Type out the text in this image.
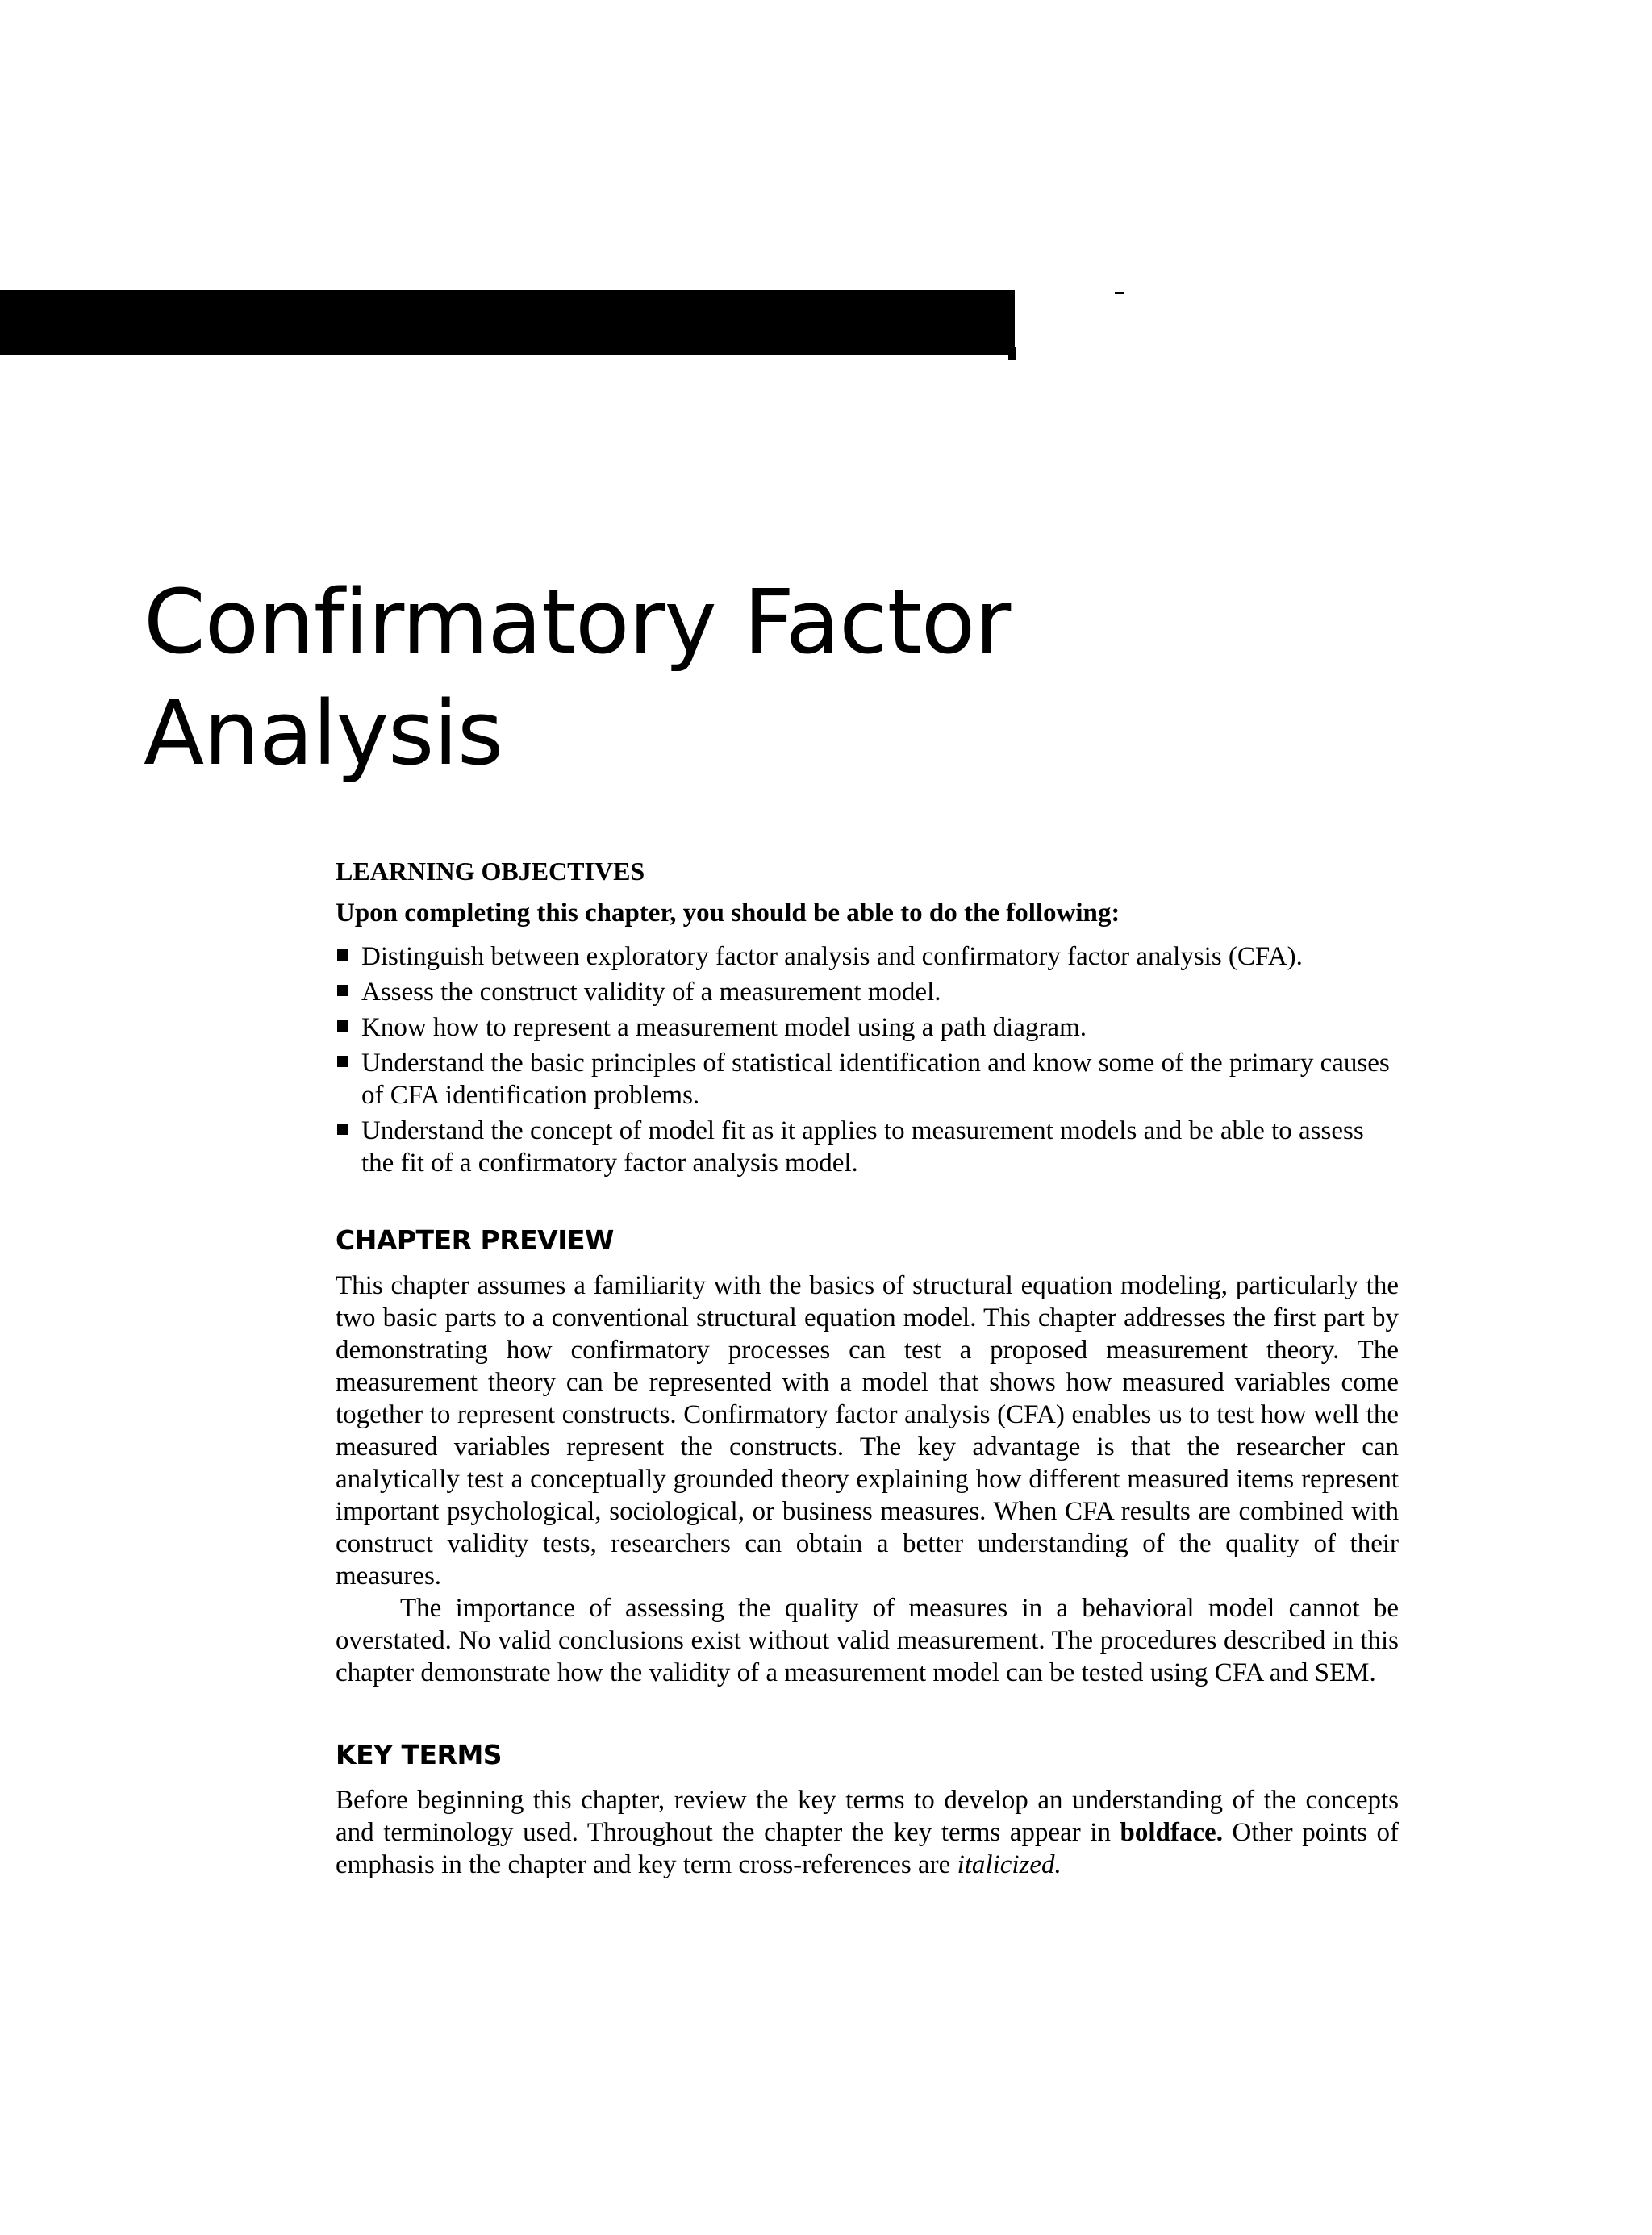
Confirmatory Factor
Analysis
LEARNING OBJECTIVES
Upon completing this chapter, you should be able to do the following:
Distinguish between exploratory factor analysis and confirmatory factor analysis (CFA).
Assess the construct validity of a measurement model.
Know how to represent a measurement model using a path diagram.
Understand the basic principles of statistical identification and know some of the primary causes of CFA identification problems.
Understand the concept of model fit as it applies to measurement models and be able to assess the fit of a confirmatory factor analysis model.
CHAPTER PREVIEW

This chapter assumes a familiarity with the basics of structural equation modeling, particularly the two basic parts to a conventional structural equation model. This chapter addresses the first part by demonstrating how confirmatory processes can test a proposed measurement theory. The measurement theory can be represented with a model that shows how measured variables come together to represent constructs. Confirmatory factor analysis (CFA) enables us to test how well the measured variables represent the constructs. The key advantage is that the researcher can analytically test a conceptually grounded theory explaining how different measured items represent important psychological, sociological, or business measures. When CFA results are combined with construct validity tests, researchers can obtain a better understanding of the quality of their measures.

The importance of assessing the quality of measures in a behavioral model cannot be overstated. No valid conclusions exist without valid measurement. The procedures described in this chapter demonstrate how the validity of a measurement model can be tested using CFA and SEM.

KEY TERMS

Before beginning this chapter, review the key terms to develop an understanding of the concepts and terminology used. Throughout the chapter the key terms appear in boldface. Other points of emphasis in the chapter and key term cross-references are italicized.
